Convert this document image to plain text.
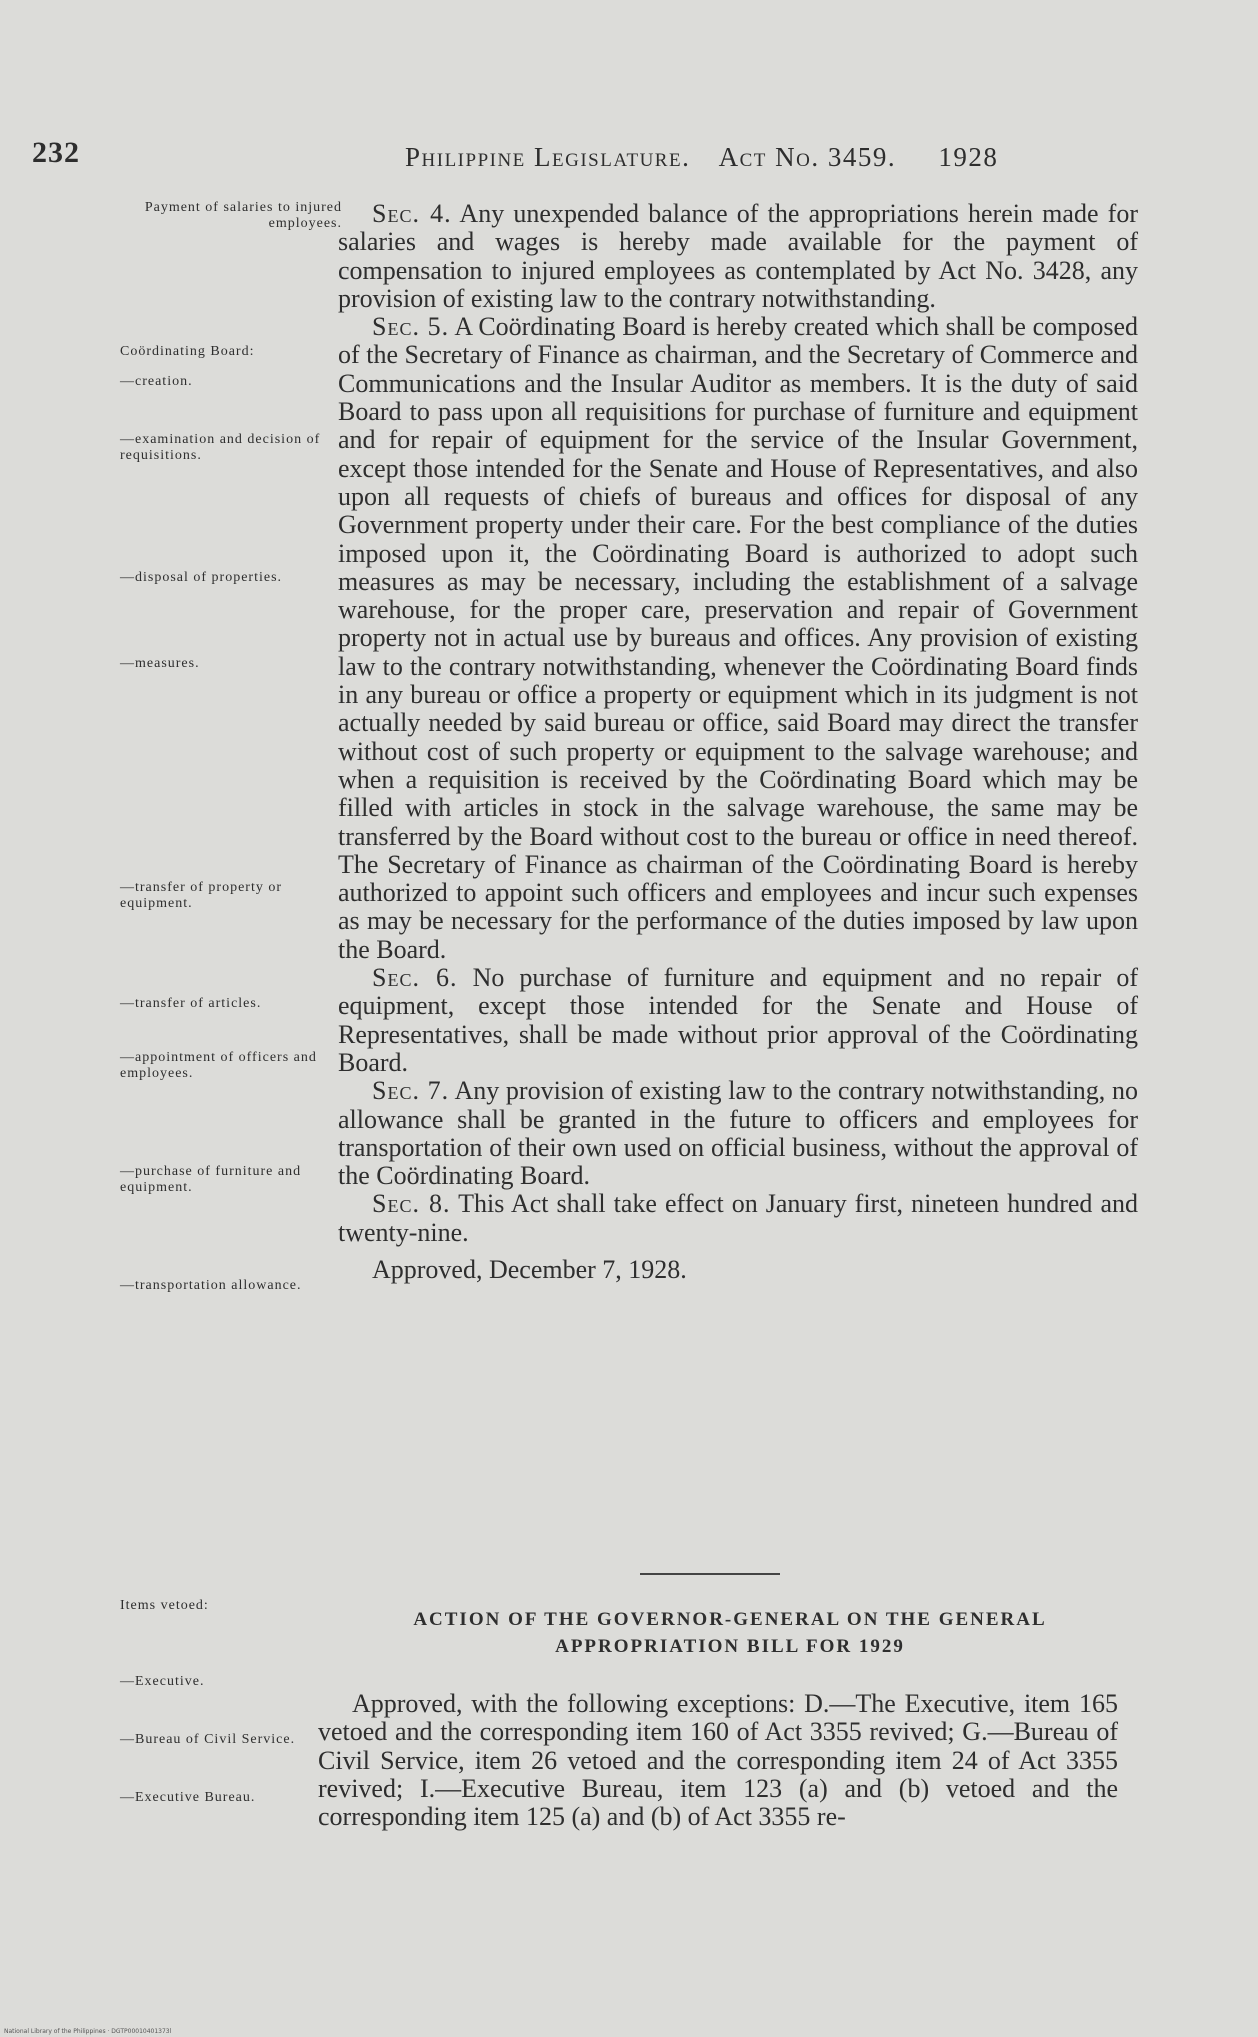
232	Philippine Legislature. Act No. 3459. 1928
Payment of salaries to injured employees.
Coördinating Board:
—creation.
—examination and decision of requisitions.
—disposal of properties.
—measures.
—transfer of property or equipment.
—transfer of articles.
—appointment of officers and employees.
—purchase of furniture and equipment.
—transportation allowance.
Items vetoed:
—Executive.
—Bureau of Civil Service.
—Executive Bureau.

Sec. 4. Any unexpended balance of the appropriations herein made for salaries and wages is hereby made available for the payment of compensation to injured employees as contemplated by Act No. 3428, any provision of existing law to the contrary notwithstanding.

Sec. 5. A Coördinating Board is hereby created which shall be composed of the Secretary of Finance as chairman, and the Secretary of Commerce and Communications and the Insular Auditor as members. It is the duty of said Board to pass upon all requisitions for purchase of furniture and equipment and for repair of equipment for the service of the Insular Government, except those intended for the Senate and House of Representatives, and also upon all requests of chiefs of bureaus and offices for disposal of any Government property under their care. For the best compliance of the duties imposed upon it, the Coördinating Board is authorized to adopt such measures as may be necessary, including the establishment of a salvage warehouse, for the proper care, preservation and repair of Government property not in actual use by bureaus and offices. Any provision of existing law to the contrary notwithstanding, whenever the Coördinating Board finds in any bureau or office a property or equipment which in its judgment is not actually needed by said bureau or office, said Board may direct the transfer without cost of such property or equipment to the salvage warehouse; and when a requisition is received by the Coördinating Board which may be filled with articles in stock in the salvage warehouse, the same may be transferred by the Board without cost to the bureau or office in need thereof. The Secretary of Finance as chairman of the Coördinating Board is hereby authorized to appoint such officers and employees and incur such expenses as may be necessary for the performance of the duties imposed by law upon the Board.

Sec. 6. No purchase of furniture and equipment and no repair of equipment, except those intended for the Senate and House of Representatives, shall be made without prior approval of the Coördinating Board.

Sec. 7. Any provision of existing law to the contrary notwithstanding, no allowance shall be granted in the future to officers and employees for transportation of their own used on official business, without the approval of the Coördinating Board.

Sec. 8. This Act shall take effect on January first, nineteen hundred and twenty-nine.

Approved, December 7, 1928.

ACTION OF THE GOVERNOR-GENERAL ON THE GENERAL
APPROPRIATION BILL FOR 1929

Approved, with the following exceptions: D.—The Executive, item 165 vetoed and the corresponding item 160 of Act 3355 revived; G.—Bureau of Civil Service, item 26 vetoed and the corresponding item 24 of Act 3355 revived; I.—Executive Bureau, item 123 (a) and (b) vetoed and the corresponding item 125 (a) and (b) of Act 3355 re-

National Library of the Philippines · DGTP00010401373l
